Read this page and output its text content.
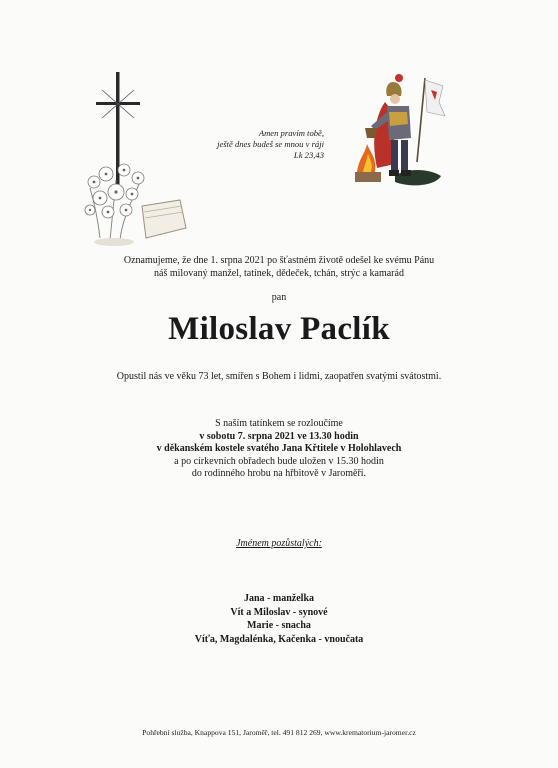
Amen pravím tobě,
ještě dnes budeš se mnou v ráji
Lk 23,43
Oznamujeme, že dne 1. srpna 2021 po šťastném životě odešel ke svému Pánu
náš milovaný manžel, tatínek, dědeček, tchán, strýc a kamarád
pan
Miloslav Paclík
Opustil nás ve věku 73 let, smířen s Bohem i lidmi, zaopatřen svatými svátostmi.
S naším tatínkem se rozloučíme
v sobotu 7. srpna 2021 ve 13.30 hodin
v děkanském kostele svatého Jana Křtitele v Holohlavech
a po církevních obřadech bude uložen v 15.30 hodin
do rodinného hrobu na hřbitově v Jaroměři.
Jménem pozůstalých:
Jana - manželka
Vít a Miloslav - synové
Marie - snacha
Víťa, Magdalénka, Kačenka - vnoučata
Pohřební služba, Knappova 151, Jaroměř, tel. 491 812 269, www.krematorium-jaromer.cz
